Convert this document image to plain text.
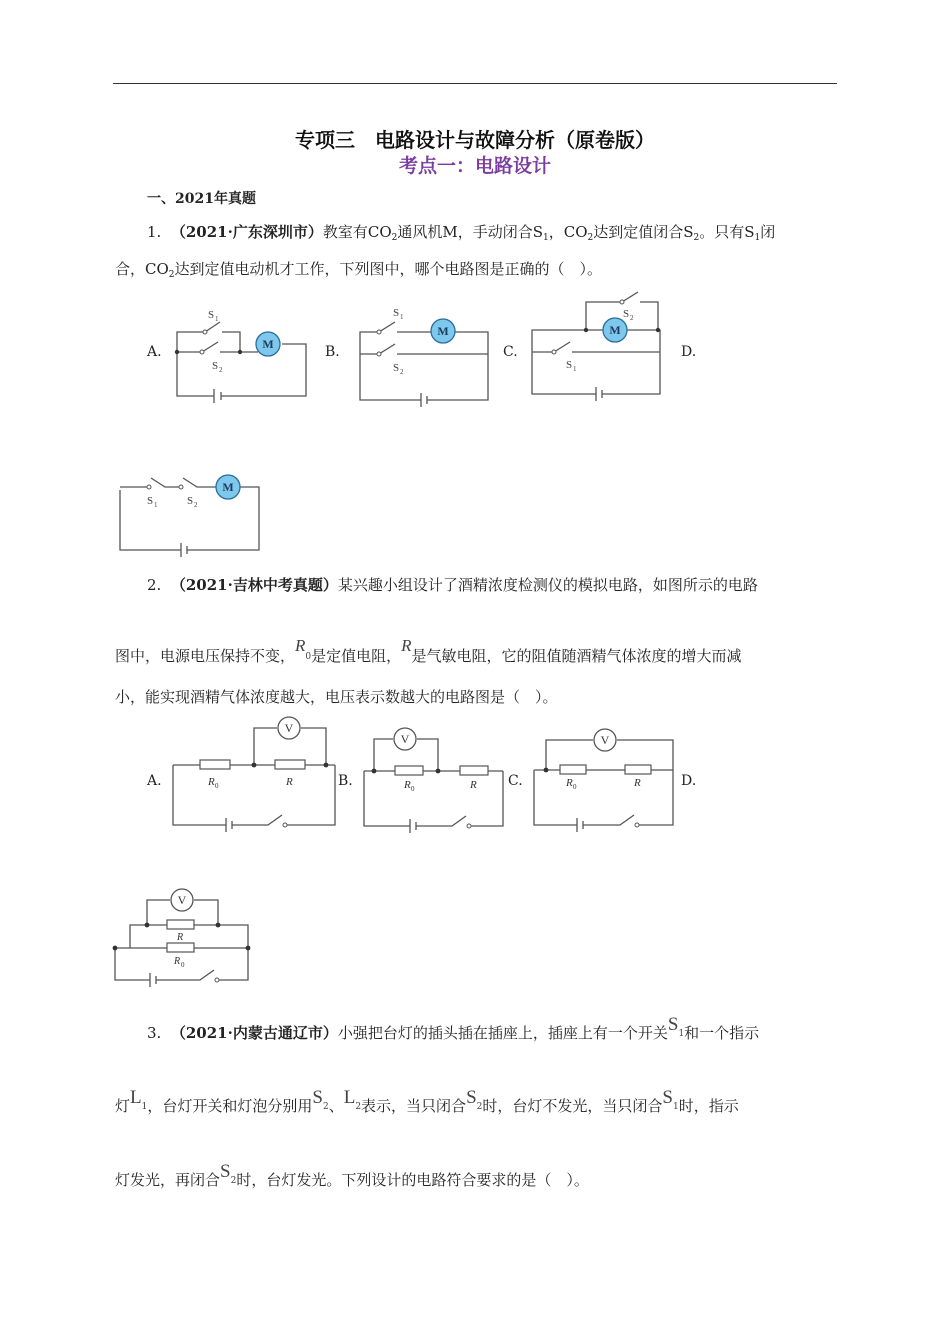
专项三　电路设计与故障分析（原卷版）
考点一：电路设计
一、2021年真题
1. （2021·广东深圳市）教室有$CO_2$通风机M，手动闭合$S_1$，$CO_2$达到定值闭合$S_2$。只有$S_1$闭
合，$CO_2$达到定值电动机才工作，下列图中，哪个电路图是正确的（　）。
A.	B.	C.	D.
M
S 1
S 2
M
S 1
S 2
M
S 2
S 1
M
S 1	S 2
2. （2021·吉林中考真题）某兴趣小组设计了酒精浓度检测仪的模拟电路，如图所示的电路
图中，电源电压保持不变，R0是定值电阻，R是气敏电阻，它的阻值随酒精气体浓度的增大而减
小，能实现酒精气体浓度越大，电压表示数越大的电路图是（　）。
A.	B.	C.	D.
V
R 0	R
V
R 0	R
V
R 0	R
V
R
R 0
3. （2021·内蒙古通辽市）小强把台灯的插头插在插座上，插座上有一个开关S1和一个指示
灯L1，台灯开关和灯泡分别用S2、L2表示，当只闭合S2时，台灯不发光，当只闭合S1时，指示
灯发光，再闭合S2时，台灯发光。下列设计的电路符合要求的是（　）。
